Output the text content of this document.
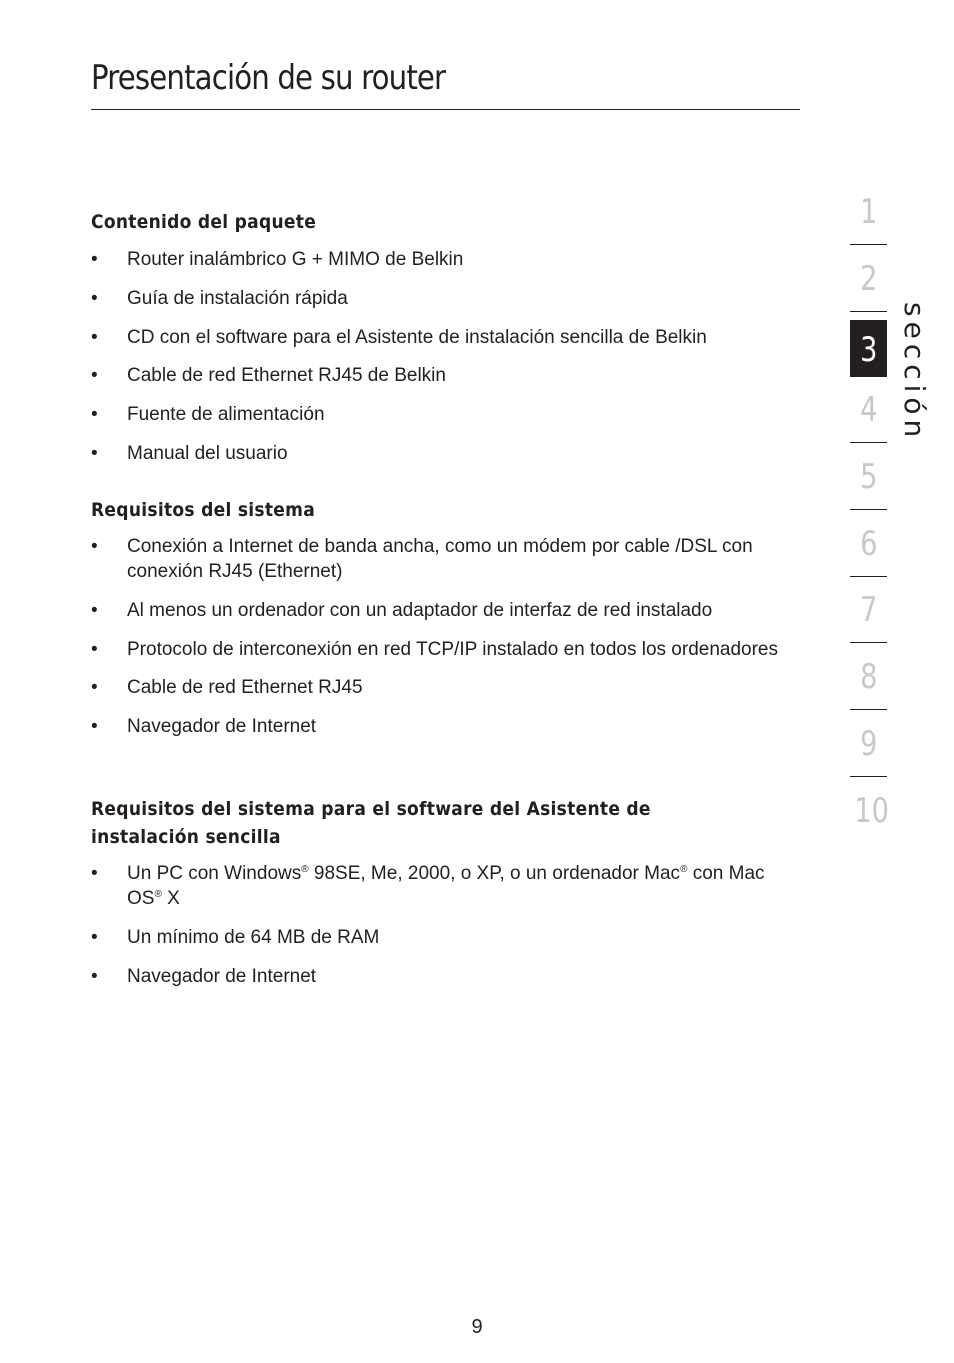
Presentación de su router
Contenido del paquete
• Router inalámbrico G + MIMO de Belkin
• Guía de instalación rápida
• CD con el software para el Asistente de instalación sencilla de Belkin
• Cable de red Ethernet RJ45 de Belkin
• Fuente de alimentación
• Manual del usuario
Requisitos del sistema
• Conexión a Internet de banda ancha, como un módem por cable /DSL con conexión RJ45 (Ethernet)
• Al menos un ordenador con un adaptador de interfaz de red instalado
• Protocolo de interconexión en red TCP/IP instalado en todos los ordenadores
• Cable de red Ethernet RJ45
• Navegador de Internet
Requisitos del sistema para el software del Asistente de
instalación sencilla
• Un PC con Windows® 98SE, Me, 2000, o XP, o un ordenador Mac® con Mac OS® X
• Un mínimo de 64 MB de RAM
• Navegador de Internet
1
2
3
4
5
6
7
8
9
10
sección
9
